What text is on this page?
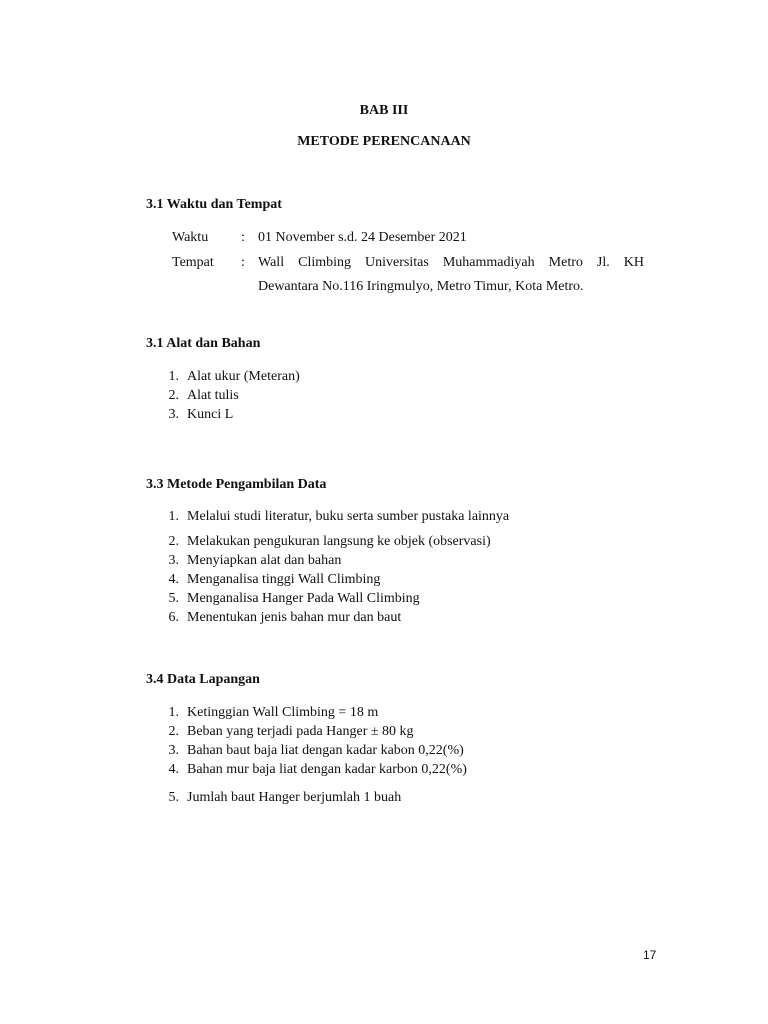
BAB III
METODE PERENCANAAN
3.1 Waktu dan Tempat
Waktu : 01 November s.d. 24 Desember 2021
Tempat : Wall Climbing Universitas Muhammadiyah Metro Jl. KH
Dewantara No.116 Iringmulyo, Metro Timur, Kota Metro.
3.1 Alat dan Bahan
1. Alat ukur (Meteran)
2. Alat tulis
3. Kunci L
3.3 Metode Pengambilan Data
1. Melalui studi literatur, buku serta sumber pustaka lainnya
2. Melakukan pengukuran langsung ke objek (observasi)
3. Menyiapkan alat dan bahan
4. Menganalisa tinggi Wall Climbing
5. Menganalisa Hanger Pada Wall Climbing
6. Menentukan jenis bahan mur dan baut
3.4 Data Lapangan
1. Ketinggian Wall Climbing = 18 m
2. Beban yang terjadi pada Hanger ± 80 kg
3. Bahan baut baja liat dengan kadar kabon 0,22(%)
4. Bahan mur baja liat dengan kadar karbon 0,22(%)
5. Jumlah baut Hanger berjumlah 1 buah
17
